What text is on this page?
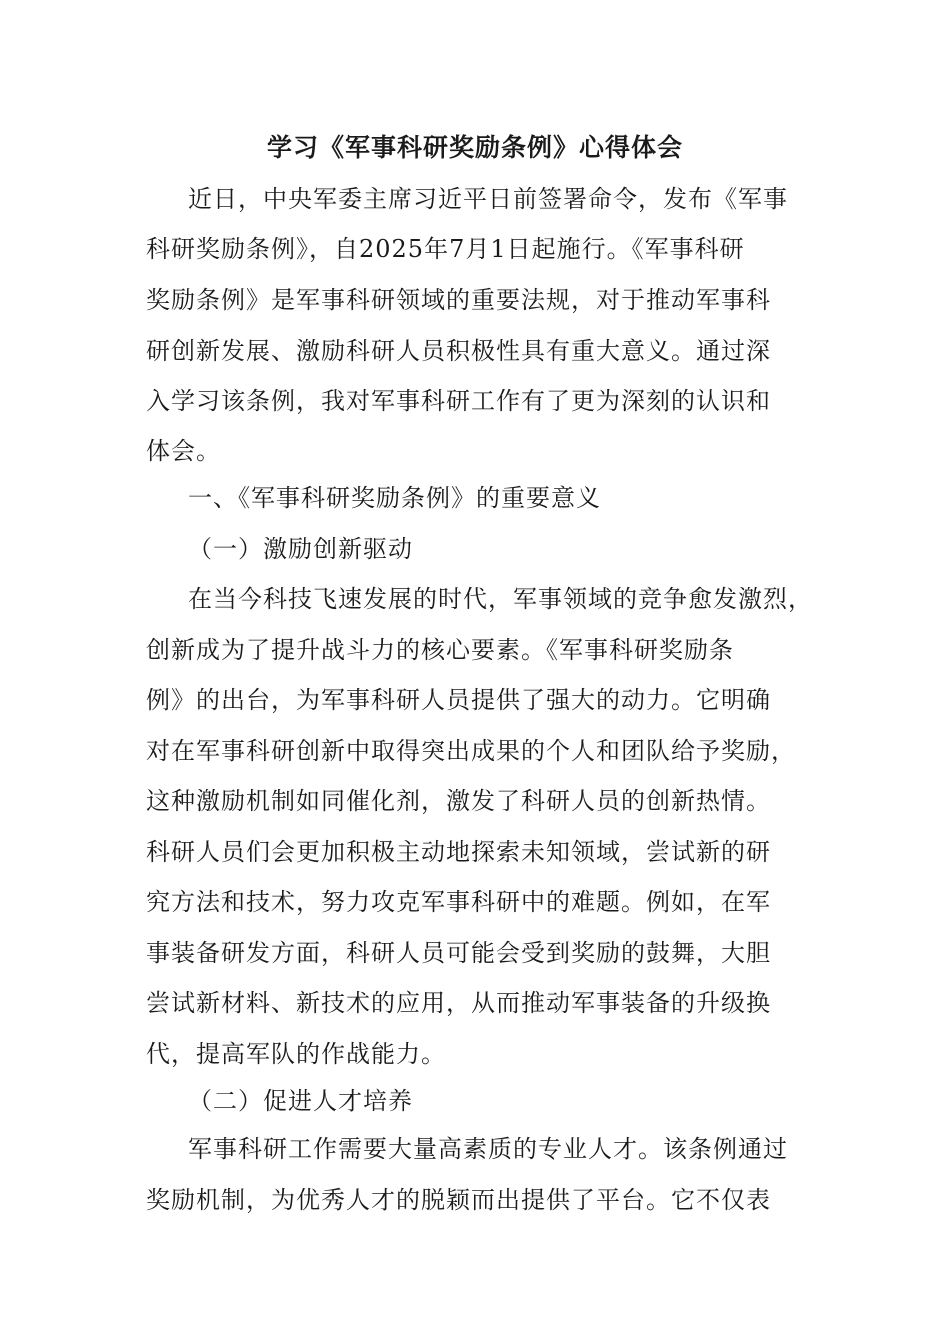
学习《军事科研奖励条例》心得体会
近日，中央军委主席习近平日前签署命令，发布《军事
科研奖励条例》，自2025年7月1日起施行。《军事科研
奖励条例》是军事科研领域的重要法规，对于推动军事科
研创新发展、激励科研人员积极性具有重大意义。通过深
入学习该条例，我对军事科研工作有了更为深刻的认识和
体会。
一、《军事科研奖励条例》的重要意义
（一）激励创新驱动
在当今科技飞速发展的时代，军事领域的竞争愈发激烈，
创新成为了提升战斗力的核心要素。《军事科研奖励条
例》的出台，为军事科研人员提供了强大的动力。它明确
对在军事科研创新中取得突出成果的个人和团队给予奖励，
这种激励机制如同催化剂，激发了科研人员的创新热情。
科研人员们会更加积极主动地探索未知领域，尝试新的研
究方法和技术，努力攻克军事科研中的难题。例如，在军
事装备研发方面，科研人员可能会受到奖励的鼓舞，大胆
尝试新材料、新技术的应用，从而推动军事装备的升级换
代，提高军队的作战能力。
（二）促进人才培养
军事科研工作需要大量高素质的专业人才。该条例通过
奖励机制，为优秀人才的脱颖而出提供了平台。它不仅表
